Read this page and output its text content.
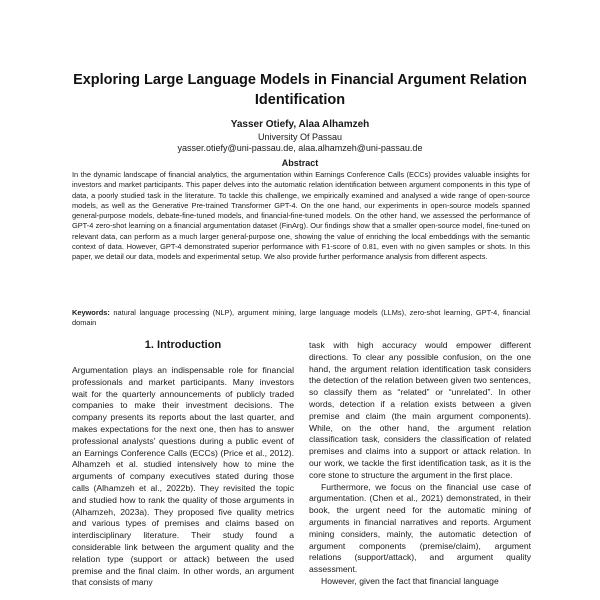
Exploring Large Language Models in Financial Argument Relation Identification
Yasser Otiefy, Alaa Alhamzeh
University Of Passau
yasser.otiefy@uni-passau.de, alaa.alhamzeh@uni-passau.de
Abstract
In the dynamic landscape of financial analytics, the argumentation within Earnings Conference Calls (ECCs) provides valuable insights for investors and market participants. This paper delves into the automatic relation identification between argument components in this type of data, a poorly studied task in the literature. To tackle this challenge, we empirically examined and analysed a wide range of open-source models, as well as the Generative Pre-trained Transformer GPT-4. On the one hand, our experiments in open-source models spanned general-purpose models, debate-fine-tuned models, and financial-fine-tuned models. On the other hand, we assessed the performance of GPT-4 zero-shot learning on a financial argumentation dataset (FinArg). Our findings show that a smaller open-source model, fine-tuned on relevant data, can perform as a much larger general-purpose one, showing the value of enriching the local embeddings with the semantic context of data. However, GPT-4 demonstrated superior performance with F1-score of 0.81, even with no given samples or shots. In this paper, we detail our data, models and experimental setup. We also provide further performance analysis from different aspects.
Keywords: natural language processing (NLP), argument mining, large language models (LLMs), zero-shot learning, GPT-4, financial domain
1. Introduction

Argumentation plays an indispensable role for financial professionals and market participants. Many investors wait for the quarterly announcements of publicly traded companies to make their investment decisions. The company presents its reports about the last quarter, and makes expectations for the next one, then has to answer professional analysts' questions during a public event of an Earnings Conference Calls (ECCs) (Price et al., 2012). Alhamzeh et al. studied intensively how to mine the arguments of company executives stated during those calls (Alhamzeh et al., 2022b). They revisited the topic and studied how to rank the quality of those arguments in (Alhamzeh, 2023a). They proposed five quality metrics and various types of premises and claims based on interdisciplinary literature. Their study found a considerable link between the argument quality and the relation type (support or attack) between the used premise and the final claim. In other words, an argument that consists of many

task with high accuracy would empower different directions. To clear any possible confusion, on the one hand, the argument relation identification task considers the detection of the relation between given two sentences, so classify them as “related” or “unrelated”. In other words, detection if a relation exists between a given premise and claim (the main argument components). While, on the other hand, the argument relation classification task, considers the classification of related premises and claims into a support or attack relation. In our work, we tackle the first identification task, as it is the core stone to structure the argument in the first place.

Furthermore, we focus on the financial use case of argumentation. (Chen et al., 2021) demonstrated, in their book, the urgent need for the automatic mining of arguments in financial narratives and reports. Argument mining considers, mainly, the automatic detection of argument components (premise/claim), argument relations (support/attack), and argument quality assessment.

However, given the fact that financial language
